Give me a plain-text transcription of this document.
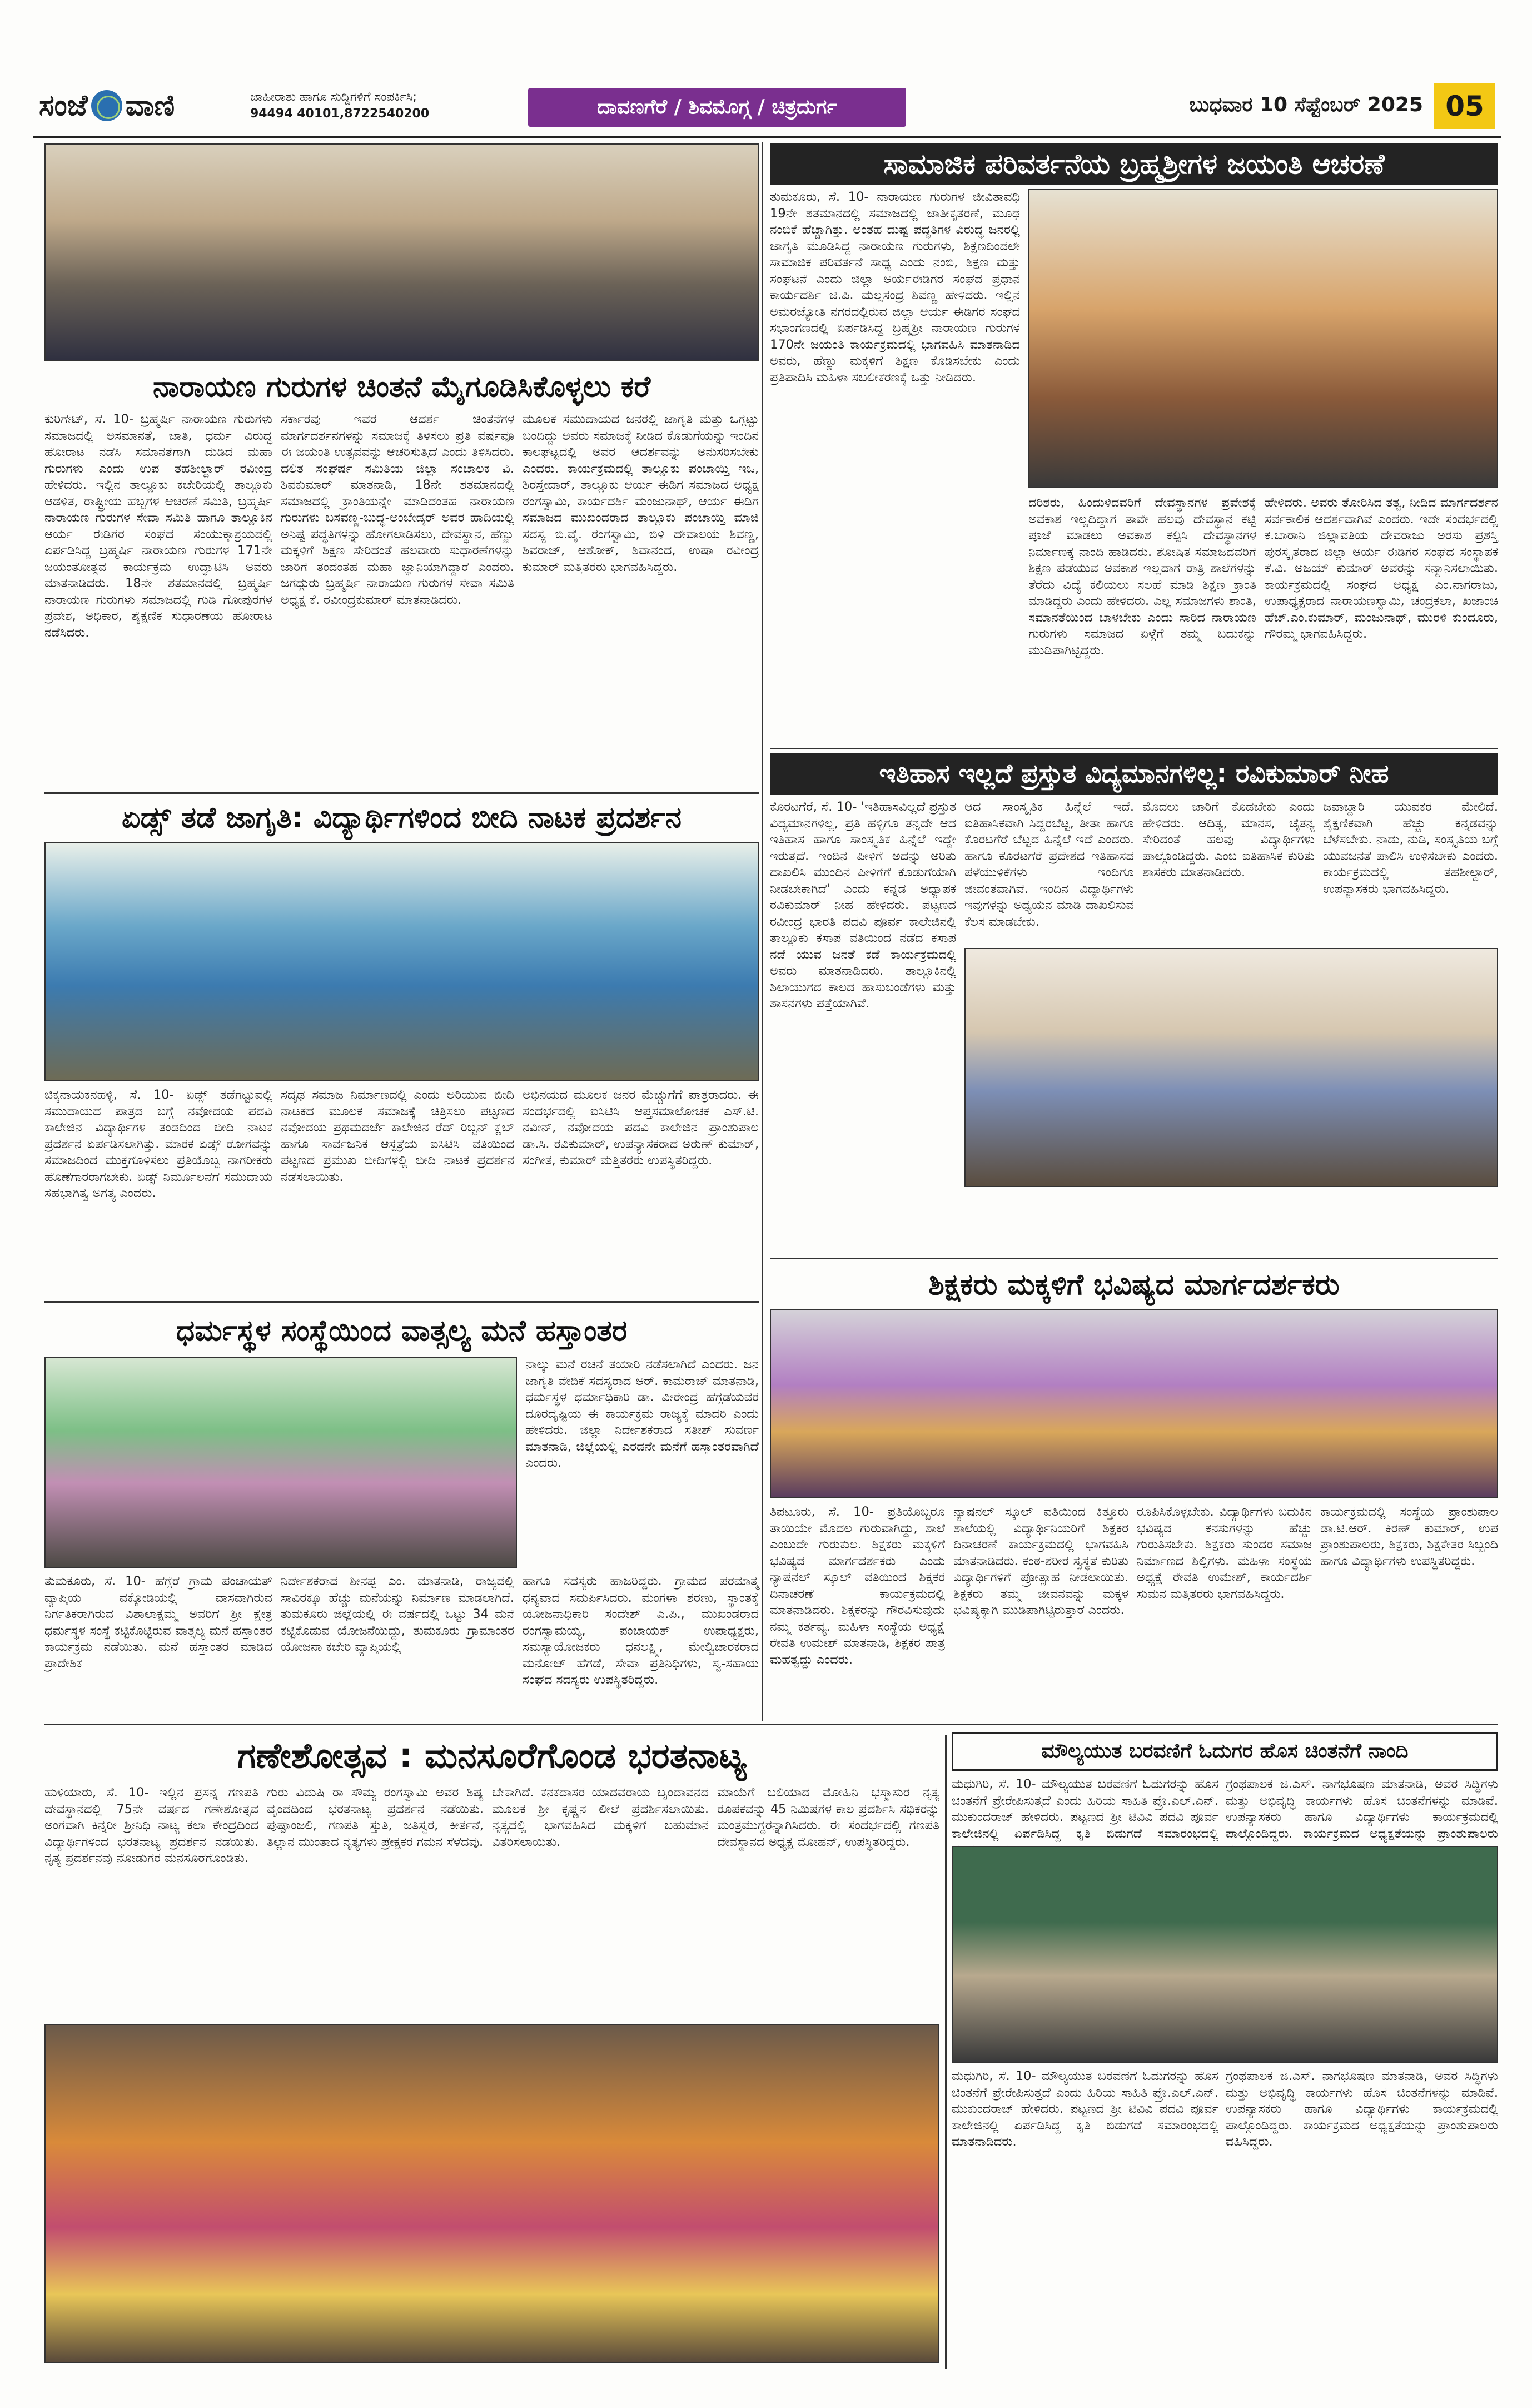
ಸಂಜೆ ವಾಣಿ	ಜಾಹೀರಾತು ಹಾಗೂ ಸುದ್ದಿಗಳಿಗೆ ಸಂಪರ್ಕಿಸಿ;
94494 40101,8722540200	ದಾವಣಗೆರೆ / ಶಿವಮೊಗ್ಗ / ಚಿತ್ರದುರ್ಗ	ಬುಧವಾರ 10 ಸೆಪ್ಟೆಂಬರ್ 2025 05
ನಾರಾಯಣ ಗುರುಗಳ ಚಿಂತನೆ ಮೈಗೂಡಿಸಿಕೊಳ್ಳಲು ಕರೆ
ಕುರಿಗೇಟ್, ಸೆ. 10- ಬ್ರಹ್ಮರ್ಷಿ ನಾರಾಯಣ ಗುರುಗಳು ಸಮಾಜದಲ್ಲಿ ಅಸಮಾನತೆ, ಜಾತಿ, ಧರ್ಮ ವಿರುದ್ಧ ಹೋರಾಟ ನಡೆಸಿ ಸಮಾನತೆಗಾಗಿ ದುಡಿದ ಮಹಾ ಗುರುಗಳು ಎಂದು ಉಪ ತಹಶೀಲ್ದಾರ್ ರವೀಂದ್ರ ಹೇಳಿದರು. ಇಲ್ಲಿನ ತಾಲ್ಲೂಕು ಕಚೇರಿಯಲ್ಲಿ ತಾಲ್ಲೂಕು ಆಡಳಿತ, ರಾಷ್ಟ್ರೀಯ ಹಬ್ಬಗಳ ಆಚರಣೆ ಸಮಿತಿ, ಬ್ರಹ್ಮರ್ಷಿ ನಾರಾಯಣ ಗುರುಗಳ ಸೇವಾ ಸಮಿತಿ ಹಾಗೂ ತಾಲ್ಲೂಕಿನ ಆರ್ಯ ಈಡಿಗರ ಸಂಘದ ಸಂಯುಕ್ತಾಶ್ರಯದಲ್ಲಿ ಏರ್ಪಡಿಸಿದ್ದ ಬ್ರಹ್ಮರ್ಷಿ ನಾರಾಯಣ ಗುರುಗಳ 171ನೇ ಜಯಂತೋತ್ಸವ ಕಾರ್ಯಕ್ರಮ ಉದ್ಘಾಟಿಸಿ ಅವರು ಮಾತನಾಡಿದರು. 18ನೇ ಶತಮಾನದಲ್ಲಿ ಬ್ರಹ್ಮರ್ಷಿ ನಾರಾಯಣ ಗುರುಗಳು ಸಮಾಜದಲ್ಲಿ ಗುಡಿ ಗೋಪುರಗಳ ಪ್ರವೇಶ, ಅಧಿಕಾರ, ಶೈಕ್ಷಣಿಕ ಸುಧಾರಣೆಯ ಹೋರಾಟ ನಡೆಸಿದರು.
ಸರ್ಕಾರವು ಇವರ ಆದರ್ಶ ಚಿಂತನೆಗಳ ಮಾರ್ಗದರ್ಶನಗಳನ್ನು ಸಮಾಜಕ್ಕೆ ತಿಳಿಸಲು ಪ್ರತಿ ವರ್ಷವೂ ಈ ಜಯಂತಿ ಉತ್ಸವವನ್ನು ಆಚರಿಸುತ್ತಿದೆ ಎಂದು ತಿಳಿಸಿದರು. ದಲಿತ ಸಂಘರ್ಷ ಸಮಿತಿಯ ಜಿಲ್ಲಾ ಸಂಚಾಲಕ ವಿ. ಶಿವಕುಮಾರ್ ಮಾತನಾಡಿ, 18ನೇ ಶತಮಾನದಲ್ಲಿ ಸಮಾಜದಲ್ಲಿ ಕ್ರಾಂತಿಯನ್ನೇ ಮಾಡಿದಂತಹ ನಾರಾಯಣ ಗುರುಗಳು ಬಸವಣ್ಣ-ಬುದ್ಧ-ಅಂಬೇಡ್ಕರ್ ಅವರ ಹಾದಿಯಲ್ಲಿ ಅನಿಷ್ಟ ಪದ್ಧತಿಗಳನ್ನು ಹೋಗಲಾಡಿಸಲು, ದೇವಸ್ಥಾನ, ಹೆಣ್ಣು ಮಕ್ಕಳಿಗೆ ಶಿಕ್ಷಣ ಸೇರಿದಂತೆ ಹಲವಾರು ಸುಧಾರಣೆಗಳನ್ನು ಜಾರಿಗೆ ತಂದಂತಹ ಮಹಾ ಜ್ಞಾನಿಯಾಗಿದ್ದಾರೆ ಎಂದರು. ಜಗದ್ಗುರು ಬ್ರಹ್ಮರ್ಷಿ ನಾರಾಯಣ ಗುರುಗಳ ಸೇವಾ ಸಮಿತಿ ಅಧ್ಯಕ್ಷ ಕೆ. ರವೀಂದ್ರಕುಮಾರ್ ಮಾತನಾಡಿದರು.
ಮೂಲಕ ಸಮುದಾಯದ ಜನರಲ್ಲಿ ಜಾಗೃತಿ ಮತ್ತು ಒಗ್ಗಟ್ಟು ಬಂದಿದ್ದು ಅವರು ಸಮಾಜಕ್ಕೆ ನೀಡಿದ ಕೊಡುಗೆಯನ್ನು ಇಂದಿನ ಕಾಲಘಟ್ಟದಲ್ಲಿ ಅವರ ಆದರ್ಶವನ್ನು ಅನುಸರಿಸಬೇಕು ಎಂದರು. ಕಾರ್ಯಕ್ರಮದಲ್ಲಿ ತಾಲ್ಲೂಕು ಪಂಚಾಯ್ತಿ ಇಒ, ಶಿರಸ್ತೇದಾರ್, ತಾಲ್ಲೂಕು ಆರ್ಯ ಈಡಿಗ ಸಮಾಜದ ಅಧ್ಯಕ್ಷ ರಂಗಸ್ವಾಮಿ, ಕಾರ್ಯದರ್ಶಿ ಮಂಜುನಾಥ್, ಆರ್ಯ ಈಡಿಗ ಸಮಾಜದ ಮುಖಂಡರಾದ ತಾಲ್ಲೂಕು ಪಂಚಾಯ್ತಿ ಮಾಜಿ ಸದಸ್ಯ ಬಿ.ವೈ. ರಂಗಸ್ವಾಮಿ, ಬಿಳಿ ದೇವಾಲಯ ಶಿವಣ್ಣ, ಶಿವರಾಜ್, ಆಶೋಕ್, ಶಿವಾನಂದ, ಉಷಾ ರವೀಂದ್ರ ಕುಮಾರ್ ಮತ್ತಿತರರು ಭಾಗವಹಿಸಿದ್ದರು.
ಸಾಮಾಜಿಕ ಪರಿವರ್ತನೆಯ ಬ್ರಹ್ಮಶ್ರೀಗಳ ಜಯಂತಿ ಆಚರಣೆ
ತುಮಕೂರು, ಸೆ. 10- ನಾರಾಯಣ ಗುರುಗಳ ಜೀವಿತಾವಧಿ 19ನೇ ಶತಮಾನದಲ್ಲಿ ಸಮಾಜದಲ್ಲಿ ಜಾತೀಕೃತರಣೆ, ಮೂಢ ನಂಬಿಕೆ ಹೆಚ್ಚಾಗಿತ್ತು. ಅಂತಹ ದುಷ್ಟ ಪದ್ಧತಿಗಳ ವಿರುದ್ಧ ಜನರಲ್ಲಿ ಜಾಗೃತಿ ಮೂಡಿಸಿದ್ದ ನಾರಾಯಣ ಗುರುಗಳು, ಶಿಕ್ಷಣದಿಂದಲೇ ಸಾಮಾಜಿಕ ಪರಿವರ್ತನೆ ಸಾಧ್ಯ ಎಂದು ನಂಬಿ, ಶಿಕ್ಷಣ ಮತ್ತು ಸಂಘಟನೆ ಎಂದು ಜಿಲ್ಲಾ ಆರ್ಯಈಡಿಗರ ಸಂಘದ ಪ್ರಧಾನ ಕಾರ್ಯದರ್ಶಿ ಜಿ.ಪಿ. ಮಲ್ಲಸಂದ್ರ ಶಿವಣ್ಣ ಹೇಳಿದರು. ಇಲ್ಲಿನ ಅಮರಜ್ಯೋತಿ ನಗರದಲ್ಲಿರುವ ಜಿಲ್ಲಾ ಆರ್ಯ ಈಡಿಗರ ಸಂಘದ ಸಭಾಂಗಣದಲ್ಲಿ ಏರ್ಪಡಿಸಿದ್ದ ಬ್ರಹ್ಮಶ್ರೀ ನಾರಾಯಣ ಗುರುಗಳ 170ನೇ ಜಯಂತಿ ಕಾರ್ಯಕ್ರಮದಲ್ಲಿ ಭಾಗವಹಿಸಿ ಮಾತನಾಡಿದ ಅವರು, ಹೆಣ್ಣು ಮಕ್ಕಳಿಗೆ ಶಿಕ್ಷಣ ಕೊಡಿಸಬೇಕು ಎಂದು ಪ್ರತಿಪಾದಿಸಿ ಮಹಿಳಾ ಸಬಲೀಕರಣಕ್ಕೆ ಒತ್ತು ನೀಡಿದರು.
ದರಿಶರು, ಹಿಂದುಳಿದವರಿಗೆ ದೇವಸ್ಥಾನಗಳ ಪ್ರವೇಶಕ್ಕೆ ಅವಕಾಶ ಇಲ್ಲದಿದ್ದಾಗ ತಾವೇ ಹಲವು ದೇವಸ್ಥಾನ ಕಟ್ಟಿ ಪೂಜೆ ಮಾಡಲು ಅವಕಾಶ ಕಲ್ಪಿಸಿ ದೇವಸ್ಥಾನಗಳ ನಿರ್ಮಾಣಕ್ಕೆ ನಾಂದಿ ಹಾಡಿದರು. ಶೋಷಿತ ಸಮಾಜದವರಿಗೆ ಶಿಕ್ಷಣ ಪಡೆಯುವ ಅವಕಾಶ ಇಲ್ಲದಾಗ ರಾತ್ರಿ ಶಾಲೆಗಳನ್ನು ತೆರೆದು ವಿದ್ಯೆ ಕಲಿಯಲು ಸಲಹೆ ಮಾಡಿ ಶಿಕ್ಷಣ ಕ್ರಾಂತಿ ಮಾಡಿದ್ದರು ಎಂದು ಹೇಳಿದರು. ಎಲ್ಲ ಸಮಾಜಗಳು ಶಾಂತಿ, ಸಮಾನತೆಯಿಂದ ಬಾಳಬೇಕು ಎಂದು ಸಾರಿದ ನಾರಾಯಣ ಗುರುಗಳು ಸಮಾಜದ ಏಳ್ಗೆಗೆ ತಮ್ಮ ಬದುಕನ್ನು ಮುಡಿಪಾಗಿಟ್ಟಿದ್ದರು.
ಹೇಳಿದರು. ಅವರು ತೋರಿಸಿದ ತತ್ವ, ನೀಡಿದ ಮಾರ್ಗದರ್ಶನ ಸರ್ವಕಾಲಿಕ ಆದರ್ಶವಾಗಿವೆ ಎಂದರು. ಇದೇ ಸಂದರ್ಭದಲ್ಲಿ ಕ.ಬಾರಾನಿ ಜಿಲ್ಲಾವತಿಯ ದೇವರಾಜು ಅರಸು ಪ್ರಶಸ್ತಿ ಪುರಸ್ಕೃತರಾದ ಜಿಲ್ಲಾ ಆರ್ಯ ಈಡಿಗರ ಸಂಘದ ಸಂಸ್ಥಾಪಕ ಕೆ.ವಿ. ಅಜಯ್ ಕುಮಾರ್ ಅವರನ್ನು ಸನ್ಮಾನಿಸಲಾಯಿತು. ಕಾರ್ಯಕ್ರಮದಲ್ಲಿ ಸಂಘದ ಅಧ್ಯಕ್ಷ ಎಂ.ನಾಗರಾಜು, ಉಪಾಧ್ಯಕ್ಷರಾದ ನಾರಾಯಣಸ್ವಾಮಿ, ಚಂದ್ರಕಲಾ, ಖಜಾಂಚಿ ಹೆಚ್.ಎಂ.ಕುಮಾರ್, ಮಂಜುನಾಥ್, ಮುರಳಿ ಕುಂದೂರು, ಗೌರಮ್ಮ ಭಾಗವಹಿಸಿದ್ದರು.
ಏಡ್ಸ್ ತಡೆ ಜಾಗೃತಿ: ವಿದ್ಯಾರ್ಥಿಗಳಿಂದ ಬೀದಿ ನಾಟಕ ಪ್ರದರ್ಶನ
ಚಿಕ್ಕನಾಯಕನಹಳ್ಳಿ, ಸೆ. 10- ಏಡ್ಸ್ ತಡೆಗಟ್ಟುವಲ್ಲಿ ಸಮುದಾಯದ ಪಾತ್ರದ ಬಗ್ಗೆ ನವೋದಯ ಪದವಿ ಕಾಲೇಜಿನ ವಿದ್ಯಾರ್ಥಿಗಳ ತಂಡದಿಂದ ಬೀದಿ ನಾಟಕ ಪ್ರದರ್ಶನ ಏರ್ಪಡಿಸಲಾಗಿತ್ತು. ಮಾರಕ ಏಡ್ಸ್ ರೋಗವನ್ನು ಸಮಾಜದಿಂದ ಮುಕ್ತಗೊಳಿಸಲು ಪ್ರತಿಯೊಬ್ಬ ನಾಗರೀಕರು ಹೊಣೆಗಾರರಾಗಬೇಕು. ಏಡ್ಸ್ ನಿರ್ಮೂಲನೆಗೆ ಸಮುದಾಯ ಸಹಭಾಗಿತ್ವ ಅಗತ್ಯ ಎಂದರು.
ಸದೃಢ ಸಮಾಜ ನಿರ್ಮಾಣದಲ್ಲಿ ಎಂದು ಅರಿಯುವ ಬೀದಿ ನಾಟಕದ ಮೂಲಕ ಸಮಾಜಕ್ಕೆ ಚಿತ್ರಿಸಲು ಪಟ್ಟಣದ ನವೋದಯ ಪ್ರಥಮದರ್ಜೆ ಕಾಲೇಜಿನ ರೆಡ್ ರಿಬ್ಬನ್ ಕ್ಲಬ್ ಹಾಗೂ ಸಾರ್ವಜನಿಕ ಆಸ್ಪತ್ರೆಯ ಐಸಿಟಿಸಿ ವತಿಯಿಂದ ಪಟ್ಟಣದ ಪ್ರಮುಖ ಬೀದಿಗಳಲ್ಲಿ ಬೀದಿ ನಾಟಕ ಪ್ರದರ್ಶನ ನಡೆಸಲಾಯಿತು.
ಅಭಿನಯದ ಮೂಲಕ ಜನರ ಮೆಚ್ಚುಗೆಗೆ ಪಾತ್ರರಾದರು. ಈ ಸಂದರ್ಭದಲ್ಲಿ ಐಸಿಟಿಸಿ ಆಪ್ತಸಮಾಲೋಚಕ ಎಸ್.ಟಿ. ನವೀನ್, ನವೋದಯ ಪದವಿ ಕಾಲೇಜಿನ ಪ್ರಾಂಶುಪಾಲ ಡಾ.ಸಿ. ರವಿಕುಮಾರ್, ಉಪನ್ಯಾಸಕರಾದ ಅರುಣ್ ಕುಮಾರ್, ಸಂಗೀತ, ಕುಮಾರ್ ಮತ್ತಿತರರು ಉಪಸ್ಥಿತರಿದ್ದರು.
ಇತಿಹಾಸ ಇಲ್ಲದೆ ಪ್ರಸ್ತುತ ವಿದ್ಯಮಾನಗಳಿಲ್ಲ: ರವಿಕುಮಾರ್ ನೀಹ
ಕೊರಟಗೆರೆ, ಸೆ. 10- 'ಇತಿಹಾಸವಿಲ್ಲದೆ ಪ್ರಸ್ತುತ ವಿದ್ಯಮಾನಗಳಿಲ್ಲ, ಪ್ರತಿ ಹಳ್ಳಿಗೂ ತನ್ನದೇ ಆದ ಇತಿಹಾಸ ಹಾಗೂ ಸಾಂಸ್ಕೃತಿಕ ಹಿನ್ನೆಲೆ ಇದ್ದೇ ಇರುತ್ತದೆ. ಇಂದಿನ ಪೀಳಿಗೆ ಅದನ್ನು ಅರಿತು ದಾಖಲಿಸಿ ಮುಂದಿನ ಪೀಳಿಗೆಗೆ ಕೊಡುಗೆಯಾಗಿ ನೀಡಬೇಕಾಗಿದೆ' ಎಂದು ಕನ್ನಡ ಅಧ್ಯಾಪಕ ರವಿಕುಮಾರ್ ನೀಹ ಹೇಳಿದರು. ಪಟ್ಟಣದ ರವೀಂದ್ರ ಭಾರತಿ ಪದವಿ ಪೂರ್ವ ಕಾಲೇಜಿನಲ್ಲಿ ತಾಲ್ಲೂಕು ಕಸಾಪ ವತಿಯಿಂದ ನಡೆದ ಕಸಾಪ ನಡೆ ಯುವ ಜನತೆ ಕಡೆ ಕಾರ್ಯಕ್ರಮದಲ್ಲಿ ಅವರು ಮಾತನಾಡಿದರು. ತಾಲ್ಲೂಕಿನಲ್ಲಿ ಶಿಲಾಯುಗದ ಕಾಲದ ಹಾಸುಬಂಡೆಗಳು ಮತ್ತು ಶಾಸನಗಳು ಪತ್ತೆಯಾಗಿವೆ.
ಆದ ಸಾಂಸ್ಕೃತಿಕ ಹಿನ್ನೆಲೆ ಇದೆ. ಐತಿಹಾಸಿಕವಾಗಿ ಸಿದ್ದರಬೆಟ್ಟ, ತೀತಾ ಹಾಗೂ ಕೊರಟಗೆರೆ ಬೆಟ್ಟದ ಹಿನ್ನೆಲೆ ಇದೆ ಎಂದರು. ಹಾಗೂ ಕೊರಟಗೆರೆ ಪ್ರದೇಶದ ಇತಿಹಾಸದ ಪಳೆಯುಳಿಕೆಗಳು ಇಂದಿಗೂ ಜೀವಂತವಾಗಿವೆ. ಇಂದಿನ ವಿದ್ಯಾರ್ಥಿಗಳು ಇವುಗಳನ್ನು ಅಧ್ಯಯನ ಮಾಡಿ ದಾಖಲಿಸುವ ಕೆಲಸ ಮಾಡಬೇಕು.
ಮೊದಲು ಜಾರಿಗೆ ಕೊಡಬೇಕು ಎಂದು ಹೇಳಿದರು. ಆದಿತ್ಯ, ಮಾನಸ, ಚೈತನ್ಯ ಸೇರಿದಂತೆ ಹಲವು ವಿದ್ಯಾರ್ಥಿಗಳು ಪಾಲ್ಗೊಂಡಿದ್ದರು. ಎಂಬ ಐತಿಹಾಸಿಕ ಕುರಿತು ಶಾಸಕರು ಮಾತನಾಡಿದರು.
ಜವಾಬ್ದಾರಿ ಯುವಕರ ಮೇಲಿದೆ. ಶೈಕ್ಷಣಿಕವಾಗಿ ಹೆಚ್ಚು ಕನ್ನಡವನ್ನು ಬೆಳೆಸಬೇಕು. ನಾಡು, ನುಡಿ, ಸಂಸ್ಕೃತಿಯ ಬಗ್ಗೆ ಯುವಜನತೆ ಪಾಲಿಸಿ ಉಳಿಸಬೇಕು ಎಂದರು. ಕಾರ್ಯಕ್ರಮದಲ್ಲಿ ತಹಶೀಲ್ದಾರ್, ಉಪನ್ಯಾಸಕರು ಭಾಗವಹಿಸಿದ್ದರು.
ಧರ್ಮಸ್ಥಳ ಸಂಸ್ಥೆಯಿಂದ ವಾತ್ಸಲ್ಯ ಮನೆ ಹಸ್ತಾಂತರ
ನಾಲ್ಕು ಮನೆ ರಚನೆ ತಯಾರಿ ನಡೆಸಲಾಗಿದೆ ಎಂದರು. ಜನ ಜಾಗೃತಿ ವೇದಿಕೆ ಸದಸ್ಯರಾದ ಆರ್. ಕಾಮರಾಜ್ ಮಾತನಾಡಿ, ಧರ್ಮಸ್ಥಳ ಧರ್ಮಾಧಿಕಾರಿ ಡಾ. ವೀರೇಂದ್ರ ಹೆಗ್ಗಡೆಯವರ ದೂರದೃಷ್ಟಿಯ ಈ ಕಾರ್ಯಕ್ರಮ ರಾಜ್ಯಕ್ಕೆ ಮಾದರಿ ಎಂದು ಹೇಳಿದರು. ಜಿಲ್ಲಾ ನಿರ್ದೇಶಕರಾದ ಸತೀಶ್ ಸುವರ್ಣ ಮಾತನಾಡಿ, ಜಿಲ್ಲೆಯಲ್ಲಿ ಎರಡನೇ ಮನೆಗೆ ಹಸ್ತಾಂತರವಾಗಿದೆ ಎಂದರು.
ತುಮಕೂರು, ಸೆ. 10- ಹೆಗ್ಗೆರೆ ಗ್ರಾಮ ಪಂಚಾಯತ್ ವ್ಯಾಪ್ತಿಯ ವಕ್ಕೋಡಿಯಲ್ಲಿ ವಾಸವಾಗಿರುವ ನಿರ್ಗತಿಕರಾಗಿರುವ ವಿಶಾಲಾಕ್ಷಮ್ಮ ಅವರಿಗೆ ಶ್ರೀ ಕ್ಷೇತ್ರ ಧರ್ಮಸ್ಥಳ ಸಂಸ್ಥೆ ಕಟ್ಟಿಕೊಟ್ಟಿರುವ ವಾತ್ಸಲ್ಯ ಮನೆ ಹಸ್ತಾಂತರ ಕಾರ್ಯಕ್ರಮ ನಡೆಯಿತು. ಮನೆ ಹಸ್ತಾಂತರ ಮಾಡಿದ ಪ್ರಾದೇಶಿಕ
ನಿರ್ದೇಶಕರಾದ ಶೀನಪ್ಪ ಎಂ. ಮಾತನಾಡಿ, ರಾಜ್ಯದಲ್ಲಿ ಸಾವಿರಕ್ಕೂ ಹೆಚ್ಚು ಮನೆಯನ್ನು ನಿರ್ಮಾಣ ಮಾಡಲಾಗಿದೆ. ತುಮಕೂರು ಜಿಲ್ಲೆಯಲ್ಲಿ ಈ ವರ್ಷದಲ್ಲಿ ಒಟ್ಟು 34 ಮನೆ ಕಟ್ಟಿಕೊಡುವ ಯೋಜನೆಯಿದ್ದು, ತುಮಕೂರು ಗ್ರಾಮಾಂತರ ಯೋಜನಾ ಕಚೇರಿ ವ್ಯಾಪ್ತಿಯಲ್ಲಿ
ಹಾಗೂ ಸದಸ್ಯರು ಹಾಜರಿದ್ದರು. ಗ್ರಾಮದ ಪರಮಾತ್ಮ ಧನ್ಯವಾದ ಸಮರ್ಪಿಸಿದರು. ಮಂಗಳಾ ಶರಣು, ಸ್ಥಾಂತಕ್ಕೆ ಯೋಜನಾಧಿಕಾರಿ ಸಂದೇಶ್ ಎ.ಪಿ., ಮುಖಂಡರಾದ ರಂಗಸ್ವಾಮಯ್ಯ, ಪಂಚಾಯತ್ ಉಪಾಧ್ಯಕ್ಷರು, ಸಮಸ್ಯಾಯೋಜಕರು ಧನಲಕ್ಷ್ಮಿ, ಮೇಲ್ವಿಚಾರಕರಾದ ಮನೋಜ್ ಹೆಗಡೆ, ಸೇವಾ ಪ್ರತಿನಿಧಿಗಳು, ಸ್ವ-ಸಹಾಯ ಸಂಘದ ಸದಸ್ಯರು ಉಪಸ್ಥಿತರಿದ್ದರು.
ಶಿಕ್ಷಕರು ಮಕ್ಕಳಿಗೆ ಭವಿಷ್ಯದ ಮಾರ್ಗದರ್ಶಕರು
ತಿಪಟೂರು, ಸೆ. 10- ಪ್ರತಿಯೊಬ್ಬರೂ ತಾಯಿಯೇ ಮೊದಲ ಗುರುವಾಗಿದ್ದು, ಶಾಲೆ ಎಂಬುದೇ ಗುರುಕುಲ. ಶಿಕ್ಷಕರು ಮಕ್ಕಳಿಗೆ ಭವಿಷ್ಯದ ಮಾರ್ಗದರ್ಶಕರು ಎಂದು ನ್ಯಾಷನಲ್ ಸ್ಕೂಲ್ ವತಿಯಿಂದ ಶಿಕ್ಷಕರ ದಿನಾಚರಣೆ ಕಾರ್ಯಕ್ರಮದಲ್ಲಿ ಮಾತನಾಡಿದರು. ಶಿಕ್ಷಕರನ್ನು ಗೌರವಿಸುವುದು ನಮ್ಮ ಕರ್ತವ್ಯ. ಮಹಿಳಾ ಸಂಸ್ಥೆಯ ಅಧ್ಯಕ್ಷೆ ರೇವತಿ ಉಮೇಶ್ ಮಾತನಾಡಿ, ಶಿಕ್ಷಕರ ಪಾತ್ರ ಮಹತ್ವದ್ದು ಎಂದರು.
ನ್ಯಾಷನಲ್ ಸ್ಕೂಲ್ ವತಿಯಿಂದ ಕಿತ್ತೂರು ಶಾಲೆಯಲ್ಲಿ ವಿದ್ಯಾರ್ಥಿನಿಯರಿಗೆ ಶಿಕ್ಷಕರ ದಿನಾಚರಣೆ ಕಾರ್ಯಕ್ರಮದಲ್ಲಿ ಭಾಗವಹಿಸಿ ಮಾತನಾಡಿದರು. ಕಂಠ-ಶರೀರ ಸ್ವಸ್ಥತೆ ಕುರಿತು ವಿದ್ಯಾರ್ಥಿಗಳಿಗೆ ಪ್ರೋತ್ಸಾಹ ನೀಡಲಾಯಿತು. ಶಿಕ್ಷಕರು ತಮ್ಮ ಜೀವನವನ್ನು ಮಕ್ಕಳ ಭವಿಷ್ಯಕ್ಕಾಗಿ ಮುಡಿಪಾಗಿಟ್ಟಿರುತ್ತಾರೆ ಎಂದರು.
ರೂಪಿಸಿಕೊಳ್ಳಬೇಕು. ವಿದ್ಯಾರ್ಥಿಗಳು ಬದುಕಿನ ಭವಿಷ್ಯದ ಕನಸುಗಳನ್ನು ಹೆಚ್ಚು ಗುರುತಿಸಬೇಕು. ಶಿಕ್ಷಕರು ಸುಂದರ ಸಮಾಜ ನಿರ್ಮಾಣದ ಶಿಲ್ಪಿಗಳು. ಮಹಿಳಾ ಸಂಸ್ಥೆಯ ಅಧ್ಯಕ್ಷೆ ರೇವತಿ ಉಮೇಶ್, ಕಾರ್ಯದರ್ಶಿ ಸುಮನ ಮತ್ತಿತರರು ಭಾಗವಹಿಸಿದ್ದರು.
ಕಾರ್ಯಕ್ರಮದಲ್ಲಿ ಸಂಸ್ಥೆಯ ಪ್ರಾಂಶುಪಾಲ ಡಾ.ಟಿ.ಆರ್. ಕಿರಣ್ ಕುಮಾರ್, ಉಪ ಪ್ರಾಂಶುಪಾಲರು, ಶಿಕ್ಷಕರು, ಶಿಕ್ಷಕೇತರ ಸಿಬ್ಬಂದಿ ಹಾಗೂ ವಿದ್ಯಾರ್ಥಿಗಳು ಉಪಸ್ಥಿತರಿದ್ದರು.
ಗಣೇಶೋತ್ಸವ : ಮನಸೂರೆಗೊಂಡ ಭರತನಾಟ್ಯ
ಹುಳಿಯಾರು, ಸೆ. 10- ಇಲ್ಲಿನ ಪ್ರಸನ್ನ ಗಣಪತಿ ದೇವಸ್ಥಾನದಲ್ಲಿ 75ನೇ ವರ್ಷದ ಗಣೇಶೋತ್ಸವ ಅಂಗವಾಗಿ ಕಿನ್ನರೀ ಶ್ರೀನಿಧಿ ನಾಟ್ಯ ಕಲಾ ಕೇಂದ್ರದಿಂದ ವಿದ್ಯಾರ್ಥಿಗಳಿಂದ ಭರತನಾಟ್ಯ ಪ್ರದರ್ಶನ ನಡೆಯಿತು. ನೃತ್ಯ ಪ್ರದರ್ಶನವು ನೋಡುಗರ ಮನಸೂರೆಗೊಂಡಿತು.
ಗುರು ವಿದುಷಿ ರಾ ಸೌಮ್ಯ ರಂಗಸ್ವಾಮಿ ಅವರ ಶಿಷ್ಯ ವೃಂದದಿಂದ ಭರತನಾಟ್ಯ ಪ್ರದರ್ಶನ ನಡೆಯಿತು. ಪುಷ್ಪಾಂಜಲಿ, ಗಣಪತಿ ಸ್ತುತಿ, ಜತಿಸ್ವರ, ಕೀರ್ತನೆ, ತಿಲ್ಲಾನ ಮುಂತಾದ ನೃತ್ಯಗಳು ಪ್ರೇಕ್ಷಕರ ಗಮನ ಸೆಳೆದವು.
ಬೇಕಾಗಿದೆ. ಕನಕದಾಸರ ಯಾದವರಾಯ ಬೃಂದಾವನದ ಮೂಲಕ ಶ್ರೀ ಕೃಷ್ಣನ ಲೀಲೆ ಪ್ರದರ್ಶಿಸಲಾಯಿತು. ನೃತ್ಯದಲ್ಲಿ ಭಾಗವಹಿಸಿದ ಮಕ್ಕಳಿಗೆ ಬಹುಮಾನ ವಿತರಿಸಲಾಯಿತು.
ಮಾಯೆಗೆ ಬಲಿಯಾದ ಮೋಹಿನಿ ಭಸ್ಮಾಸುರ ನೃತ್ಯ ರೂಪಕವನ್ನು 45 ನಿಮಿಷಗಳ ಕಾಲ ಪ್ರದರ್ಶಿಸಿ ಸಭಿಕರನ್ನು ಮಂತ್ರಮುಗ್ಧರನ್ನಾಗಿಸಿದರು. ಈ ಸಂದರ್ಭದಲ್ಲಿ ಗಣಪತಿ ದೇವಸ್ಥಾನದ ಅಧ್ಯಕ್ಷ ಮೋಹನ್, ಉಪಸ್ಥಿತರಿದ್ದರು.
ಮೌಲ್ಯಯುತ ಬರವಣಿಗೆ ಓದುಗರ ಹೊಸ ಚಿಂತನೆಗೆ ನಾಂದಿ
ಮಧುಗಿರಿ, ಸೆ. 10- ಮೌಲ್ಯಯುತ ಬರವಣಿಗೆ ಓದುಗರನ್ನು ಹೊಸ ಚಿಂತನೆಗೆ ಪ್ರೇರೇಪಿಸುತ್ತದೆ ಎಂದು ಹಿರಿಯ ಸಾಹಿತಿ ಪ್ರೊ.ಎಲ್.ಎನ್. ಮುಕುಂದರಾಜ್ ಹೇಳಿದರು. ಪಟ್ಟಣದ ಶ್ರೀ ಟಿವಿವಿ ಪದವಿ ಪೂರ್ವ ಕಾಲೇಜಿನಲ್ಲಿ ಏರ್ಪಡಿಸಿದ್ದ ಕೃತಿ ಬಿಡುಗಡೆ ಸಮಾರಂಭದಲ್ಲಿ
ಗ್ರಂಥಪಾಲಕ ಜಿ.ಎಸ್. ನಾಗಭೂಷಣ ಮಾತನಾಡಿ, ಅವರ ಸಿದ್ಧಿಗಳು ಮತ್ತು ಅಭಿವೃದ್ಧಿ ಕಾರ್ಯಗಳು ಹೊಸ ಚಿಂತನೆಗಳನ್ನು ಮಾಡಿವೆ. ಉಪನ್ಯಾಸಕರು ಹಾಗೂ ವಿದ್ಯಾರ್ಥಿಗಳು ಕಾರ್ಯಕ್ರಮದಲ್ಲಿ ಪಾಲ್ಗೊಂಡಿದ್ದರು. ಕಾರ್ಯಕ್ರಮದ ಅಧ್ಯಕ್ಷತೆಯನ್ನು ಪ್ರಾಂಶುಪಾಲರು
ಮಧುಗಿರಿ, ಸೆ. 10- ಮೌಲ್ಯಯುತ ಬರವಣಿಗೆ ಓದುಗರನ್ನು ಹೊಸ ಚಿಂತನೆಗೆ ಪ್ರೇರೇಪಿಸುತ್ತದೆ ಎಂದು ಹಿರಿಯ ಸಾಹಿತಿ ಪ್ರೊ.ಎಲ್.ಎನ್. ಮುಕುಂದರಾಜ್ ಹೇಳಿದರು. ಪಟ್ಟಣದ ಶ್ರೀ ಟಿವಿವಿ ಪದವಿ ಪೂರ್ವ ಕಾಲೇಜಿನಲ್ಲಿ ಏರ್ಪಡಿಸಿದ್ದ ಕೃತಿ ಬಿಡುಗಡೆ ಸಮಾರಂಭದಲ್ಲಿ ಮಾತನಾಡಿದರು.
ಗ್ರಂಥಪಾಲಕ ಜಿ.ಎಸ್. ನಾಗಭೂಷಣ ಮಾತನಾಡಿ, ಅವರ ಸಿದ್ಧಿಗಳು ಮತ್ತು ಅಭಿವೃದ್ಧಿ ಕಾರ್ಯಗಳು ಹೊಸ ಚಿಂತನೆಗಳನ್ನು ಮಾಡಿವೆ. ಉಪನ್ಯಾಸಕರು ಹಾಗೂ ವಿದ್ಯಾರ್ಥಿಗಳು ಕಾರ್ಯಕ್ರಮದಲ್ಲಿ ಪಾಲ್ಗೊಂಡಿದ್ದರು. ಕಾರ್ಯಕ್ರಮದ ಅಧ್ಯಕ್ಷತೆಯನ್ನು ಪ್ರಾಂಶುಪಾಲರು ವಹಿಸಿದ್ದರು.
